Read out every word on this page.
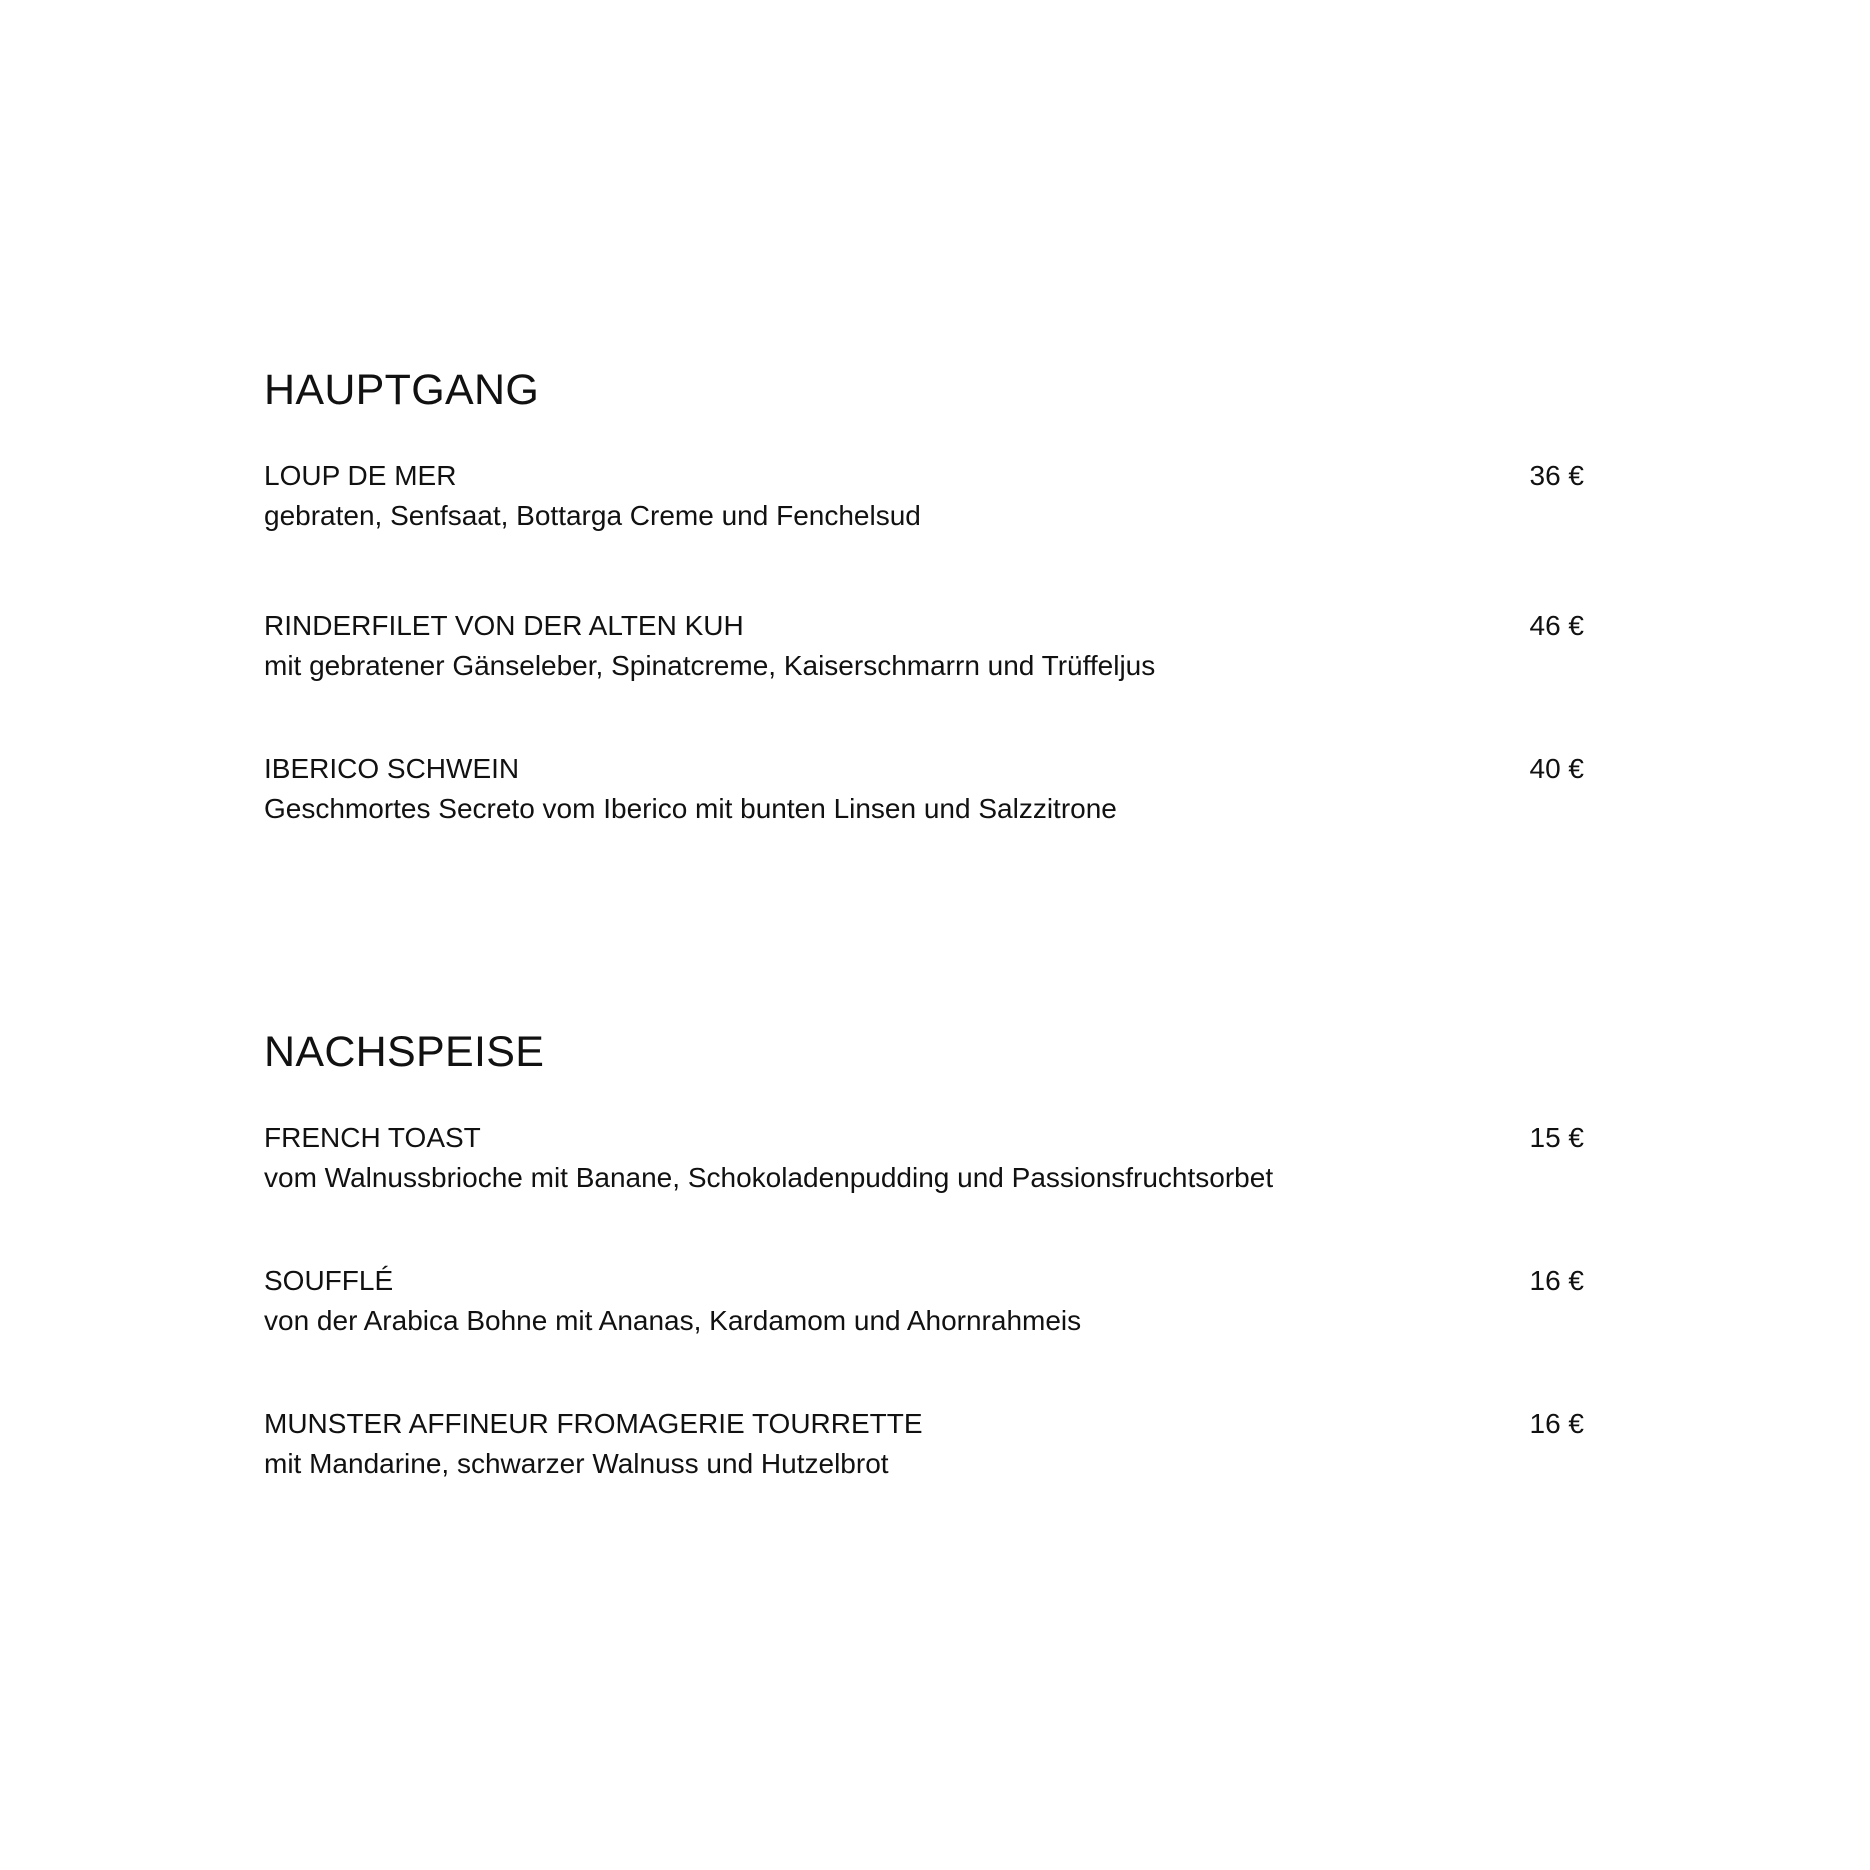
HAUPTGANG
LOUP DE MER
gebraten, Senfsaat, Bottarga Creme und Fenchelsud
36 €
RINDERFILET VON DER ALTEN KUH
mit gebratener Gänseleber, Spinatcreme, Kaiserschmarrn und Trüffeljus
46 €
IBERICO SCHWEIN
Geschmortes Secreto vom Iberico mit bunten Linsen und Salzzitrone
40 €
NACHSPEISE
FRENCH TOAST
vom Walnussbrioche mit Banane, Schokoladenpudding und Passionsfruchtsorbet
15 €
SOUFFLÉ
von der Arabica Bohne mit Ananas, Kardamom und Ahornrahmeis
16 €
MUNSTER AFFINEUR FROMAGERIE TOURRETTE
mit Mandarine, schwarzer Walnuss und Hutzelbrot
16 €
